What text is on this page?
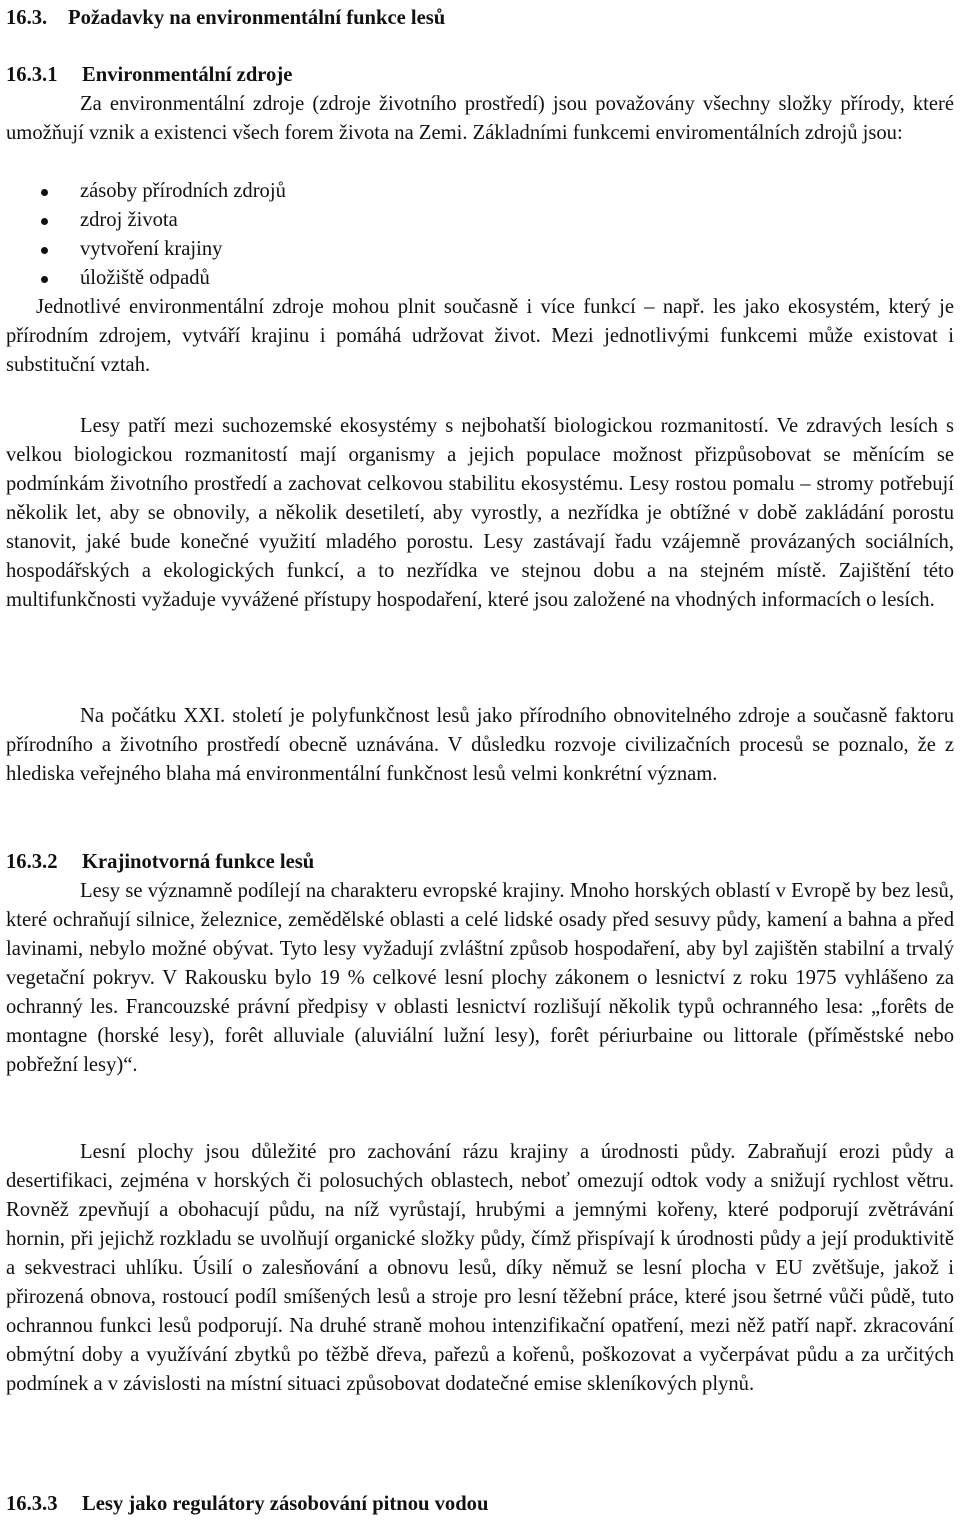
16.3. Požadavky na environmentální funkce lesů
16.3.1 Environmentální zdroje

Za environmentální zdroje (zdroje životního prostředí) jsou považovány všechny složky přírody, které umožňují vznik a existenci všech forem života na Zemi. Základními funkcemi enviromentálních zdrojů jsou:

zásoby přírodních zdrojů
zdroj života
vytvoření krajiny
úložiště odpadů

Jednotlivé environmentální zdroje mohou plnit současně i více funkcí – např. les jako ekosystém, který je přírodním zdrojem, vytváří krajinu i pomáhá udržovat život. Mezi jednotlivými funkcemi může existovat i substituční vztah.

Lesy patří mezi suchozemské ekosystémy s nejbohatší biologickou rozmanitostí. Ve zdravých lesích s velkou biologickou rozmanitostí mají organismy a jejich populace možnost přizpůsobovat se měnícím se podmínkám životního prostředí a zachovat celkovou stabilitu ekosystému. Lesy rostou pomalu – stromy potřebují několik let, aby se obnovily, a několik desetiletí, aby vyrostly, a nezřídka je obtížné v době zakládání porostu stanovit, jaké bude konečné využití mladého porostu. Lesy zastávají řadu vzájemně provázaných sociálních, hospodářských a ekologických funkcí, a to nezřídka ve stejnou dobu a na stejném místě. Zajištění této multifunkčnosti vyžaduje vyvážené přístupy hospodaření, které jsou založené na vhodných informacích o lesích.

Na počátku XXI. století je polyfunkčnost lesů jako přírodního obnovitelného zdroje a současně faktoru přírodního a životního prostředí obecně uznávána. V důsledku rozvoje civilizačních procesů se poznalo, že z hlediska veřejného blaha má environmentální funkčnost lesů velmi konkrétní význam.

16.3.2 Krajinotvorná funkce lesů

Lesy se významně podílejí na charakteru evropské krajiny. Mnoho horských oblastí v Evropě by bez lesů, které ochraňují silnice, železnice, zemědělské oblasti a celé lidské osady před sesuvy půdy, kamení a bahna a před lavinami, nebylo možné obývat. Tyto lesy vyžadují zvláštní způsob hospodaření, aby byl zajištěn stabilní a trvalý vegetační pokryv. V Rakousku bylo 19 % celkové lesní plochy zákonem o lesnictví z roku 1975 vyhlášeno za ochranný les. Francouzské právní předpisy v oblasti lesnictví rozlišují několik typů ochranného lesa: „forêts de montagne (horské lesy), forêt alluviale (aluviální lužní lesy), forêt périurbaine ou littorale (příměstské nebo pobřežní lesy)“.

Lesní plochy jsou důležité pro zachování rázu krajiny a úrodnosti půdy. Zabraňují erozi půdy a desertifikaci, zejména v horských či polosuchých oblastech, neboť omezují odtok vody a snižují rychlost větru. Rovněž zpevňují a obohacují půdu, na níž vyrůstají, hrubými a jemnými kořeny, které podporují zvětrávání hornin, při jejichž rozkladu se uvolňují organické složky půdy, čímž přispívají k úrodnosti půdy a její produktivitě a sekvestraci uhlíku. Úsilí o zalesňování a obnovu lesů, díky němuž se lesní plocha v EU zvětšuje, jakož i přirozená obnova, rostoucí podíl smíšených lesů a stroje pro lesní těžební práce, které jsou šetrné vůči půdě, tuto ochrannou funkci lesů podporují. Na druhé straně mohou intenzifikační opatření, mezi něž patří např. zkracování obmýtní doby a využívání zbytků po těžbě dřeva, pařezů a kořenů, poškozovat a vyčerpávat půdu a za určitých podmínek a v závislosti na místní situaci způsobovat dodatečné emise skleníkových plynů.

16.3.3 Lesy jako regulátory zásobování pitnou vodou
